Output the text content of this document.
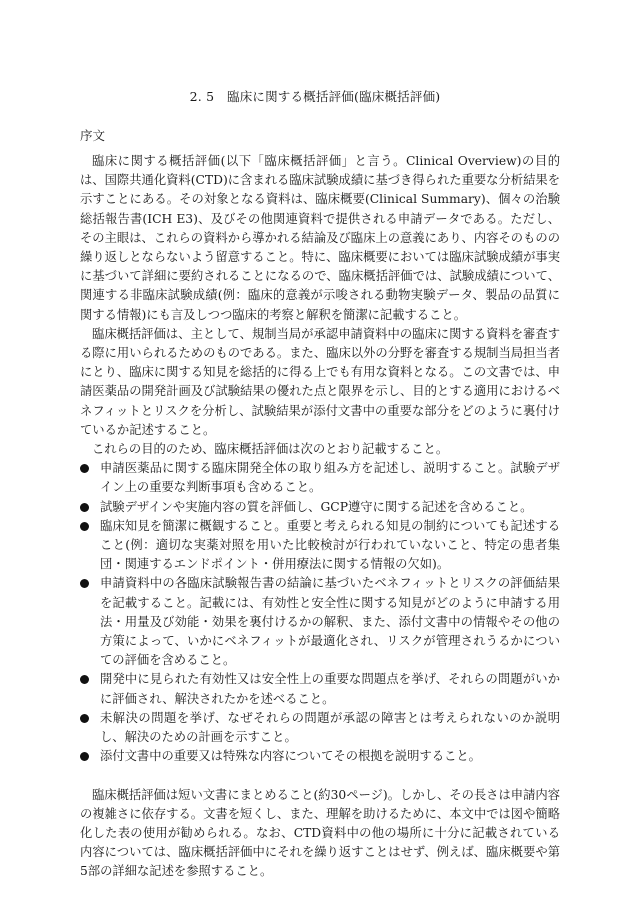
2. 5　臨床に関する概括評価(臨床概括評価)
序文

臨床に関する概括評価(以下「臨床概括評価」と言う。Clinical Overview)の目的は、国際共通化資料(CTD)に含まれる臨床試験成績に基づき得られた重要な分析結果を示すことにある。その対象となる資料は、臨床概要(Clinical Summary)、個々の治験総括報告書(ICH E3)、及びその他関連資料で提供される申請データである。ただし、その主眼は、これらの資料から導かれる結論及び臨床上の意義にあり、内容そのものの繰り返しとならないよう留意すること。特に、臨床概要においては臨床試験成績が事実に基づいて詳細に要約されることになるので、臨床概括評価では、試験成績について、関連する非臨床試験成績(例：臨床的意義が示唆される動物実験データ、製品の品質に関する情報)にも言及しつつ臨床的考察と解釈を簡潔に記載すること。

臨床概括評価は、主として、規制当局が承認申請資料中の臨床に関する資料を審査する際に用いられるためのものである。また、臨床以外の分野を審査する規制当局担当者にとり、臨床に関する知見を総括的に得る上でも有用な資料となる。この文書では、申請医薬品の開発計画及び試験結果の優れた点と限界を示し、目的とする適用におけるベネフィットとリスクを分析し、試験結果が添付文書中の重要な部分をどのように裏付けているか記述すること。

これらの目的のため、臨床概括評価は次のとおり記載すること。

申請医薬品に関する臨床開発全体の取り組み方を記述し、説明すること。試験デザイン上の重要な判断事項も含めること。
試験デザインや実施内容の質を評価し、GCP遵守に関する記述を含めること。
臨床知見を簡潔に概観すること。重要と考えられる知見の制約についても記述すること(例：適切な実薬対照を用いた比較検討が行われていないこと、特定の患者集団・関連するエンドポイント・併用療法に関する情報の欠如)。
申請資料中の各臨床試験報告書の結論に基づいたベネフィットとリスクの評価結果を記載すること。記載には、有効性と安全性に関する知見がどのように申請する用法・用量及び効能・効果を裏付けるかの解釈、また、添付文書中の情報やその他の方策によって、いかにベネフィットが最適化され、リスクが管理されうるかについての評価を含めること。
開発中に見られた有効性又は安全性上の重要な問題点を挙げ、それらの問題がいかに評価され、解決されたかを述べること。
未解決の問題を挙げ、なぜそれらの問題が承認の障害とは考えられないのか説明し、解決のための計画を示すこと。
添付文書中の重要又は特殊な内容についてその根拠を説明すること。

臨床概括評価は短い文書にまとめること(約30ページ)。しかし、その長さは申請内容の複雑さに依存する。文書を短くし、また、理解を助けるために、本文中では図や簡略化した表の使用が勧められる。なお、CTD資料中の他の場所に十分に記載されている内容については、臨床概括評価中にそれを繰り返すことはせず、例えば、臨床概要や第5部の詳細な記述を参照すること。
